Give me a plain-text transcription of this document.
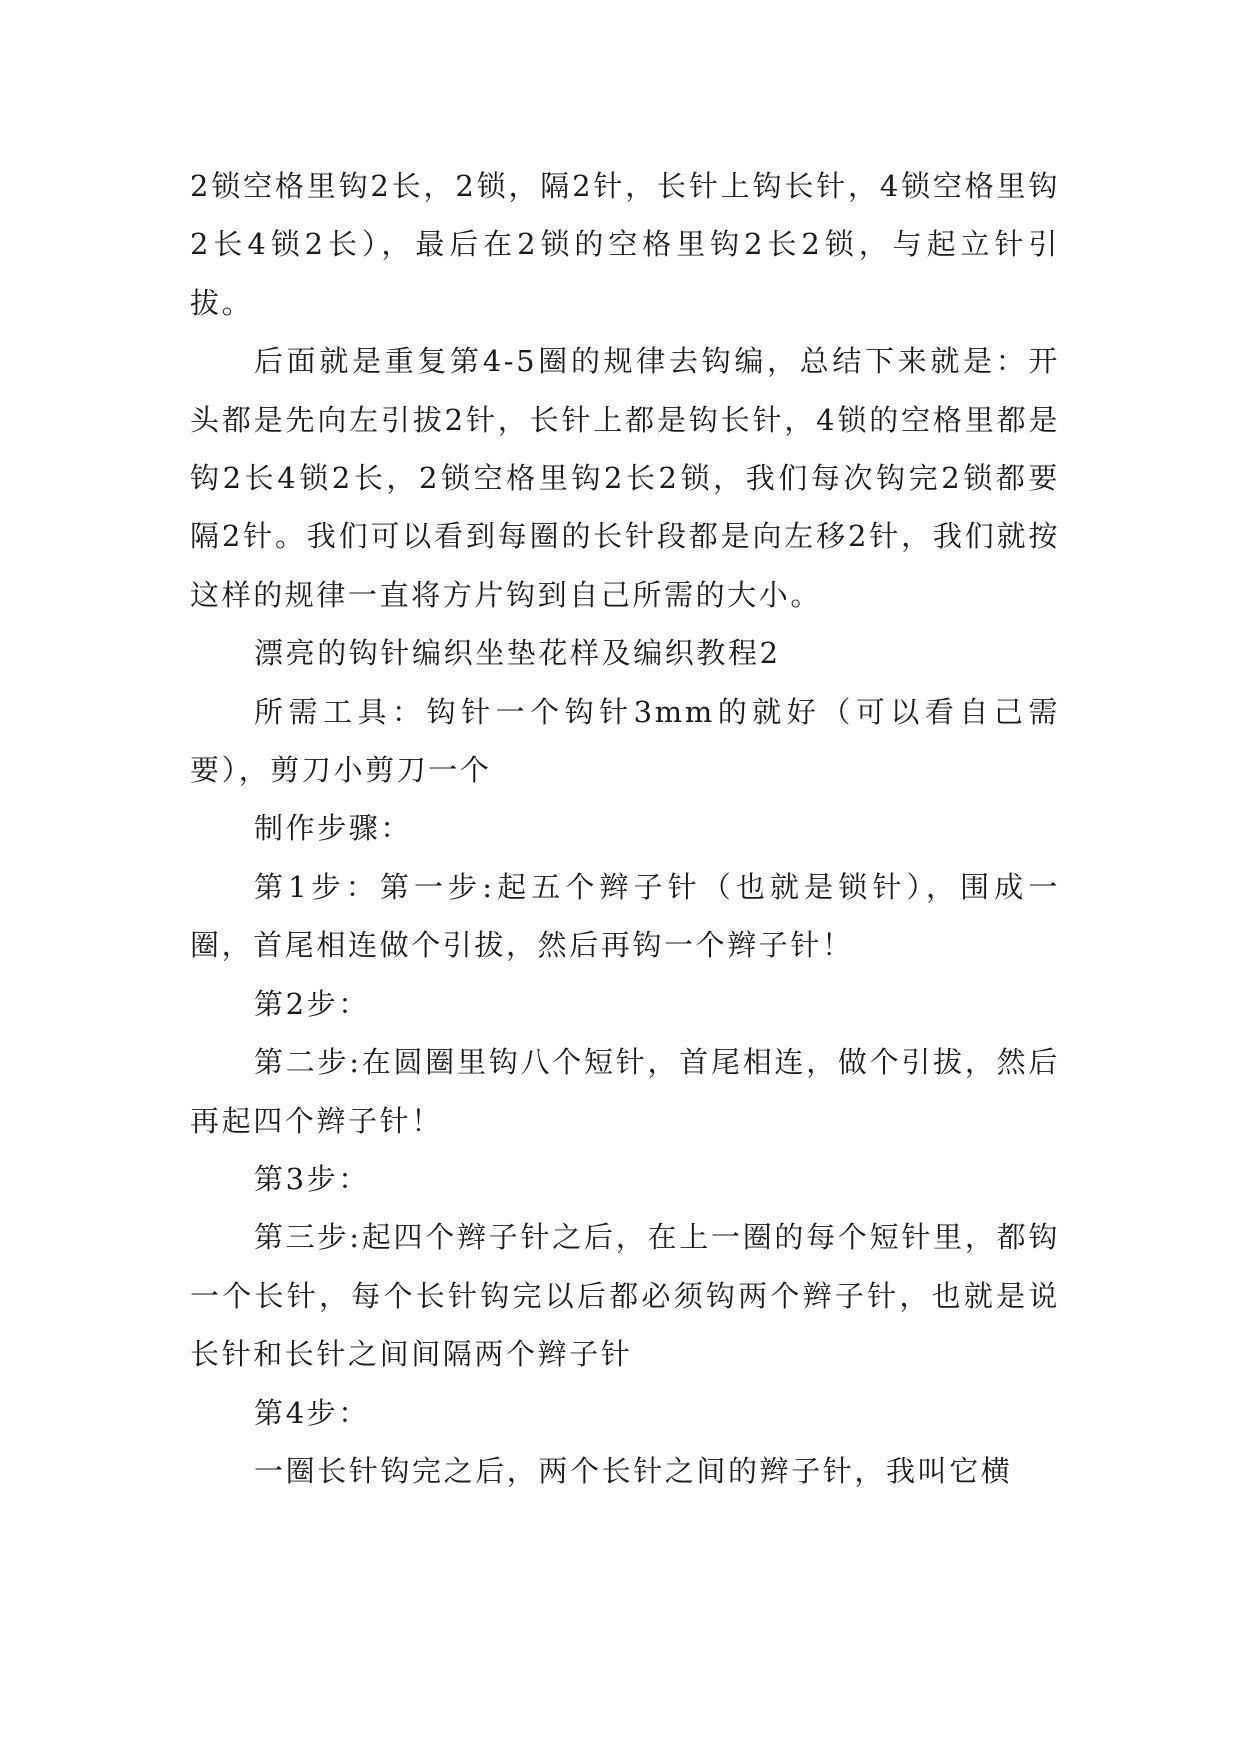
2锁空格里钩2长，2锁，隔2针，长针上钩长针，4锁空格里钩2长4锁2长），最后在2锁的空格里钩2长2锁，与起立针引拔。

后面就是重复第4-5圈的规律去钩编，总结下来就是：开头都是先向左引拔2针，长针上都是钩长针，4锁的空格里都是钩2长4锁2长，2锁空格里钩2长2锁，我们每次钩完2锁都要隔2针。我们可以看到每圈的长针段都是向左移2针，我们就按这样的规律一直将方片钩到自己所需的大小。

漂亮的钩针编织坐垫花样及编织教程2

所需工具：钩针一个钩针3mm的就好（可以看自己需要），剪刀小剪刀一个

制作步骤：

第1步：第一步:起五个辫子针（也就是锁针），围成一圈，首尾相连做个引拔，然后再钩一个辫子针！

第2步：

第二步:在圆圈里钩八个短针，首尾相连，做个引拔，然后再起四个辫子针！

第3步：

第三步:起四个辫子针之后，在上一圈的每个短针里，都钩一个长针，每个长针钩完以后都必须钩两个辫子针，也就是说长针和长针之间间隔两个辫子针

第4步：

一圈长针钩完之后，两个长针之间的辫子针，我叫它横
